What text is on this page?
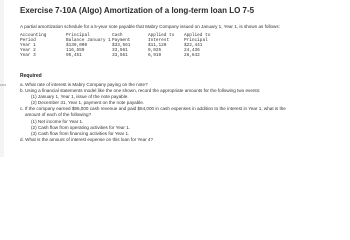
ces
Exercise 7-10A (Algo) Amortization of a long-term loan LO 7-5
A partial amortization schedule for a 5-year note payable that Mabry Company issued on January 1, Year 1, is shown as follows:
Accounting	Principal	Cash	Applied to	Applied to
Period	Balance January 1 Payment	Interest	Principal
Year 1	$139,000	$33,561	$11,120	$22,441
Year 2	116,559	33,561	9,025	24,436
Year 3	95,451	33,561	6,919	26,642
Required
a. What rate of interest is Mabry Company paying on the note?
b. Using a financial statements model like the one shown, record the appropriate amounts for the following two events:
(1) January 1, Year 1, issue of the note payable.
(2) December 31, Year 1, payment on the note payable.
c. If the company earned $95,000 cash revenue and paid $54,000 in cash expenses in addition to the interest in Year 1, what is the
amount of each of the following?
(1) Net income for Year 1.
(2) Cash flow from operating activities for Year 1.
(3) Cash flow from financing activities for Year 1.
d. What is the amount of interest expense on this loan for Year 4?
